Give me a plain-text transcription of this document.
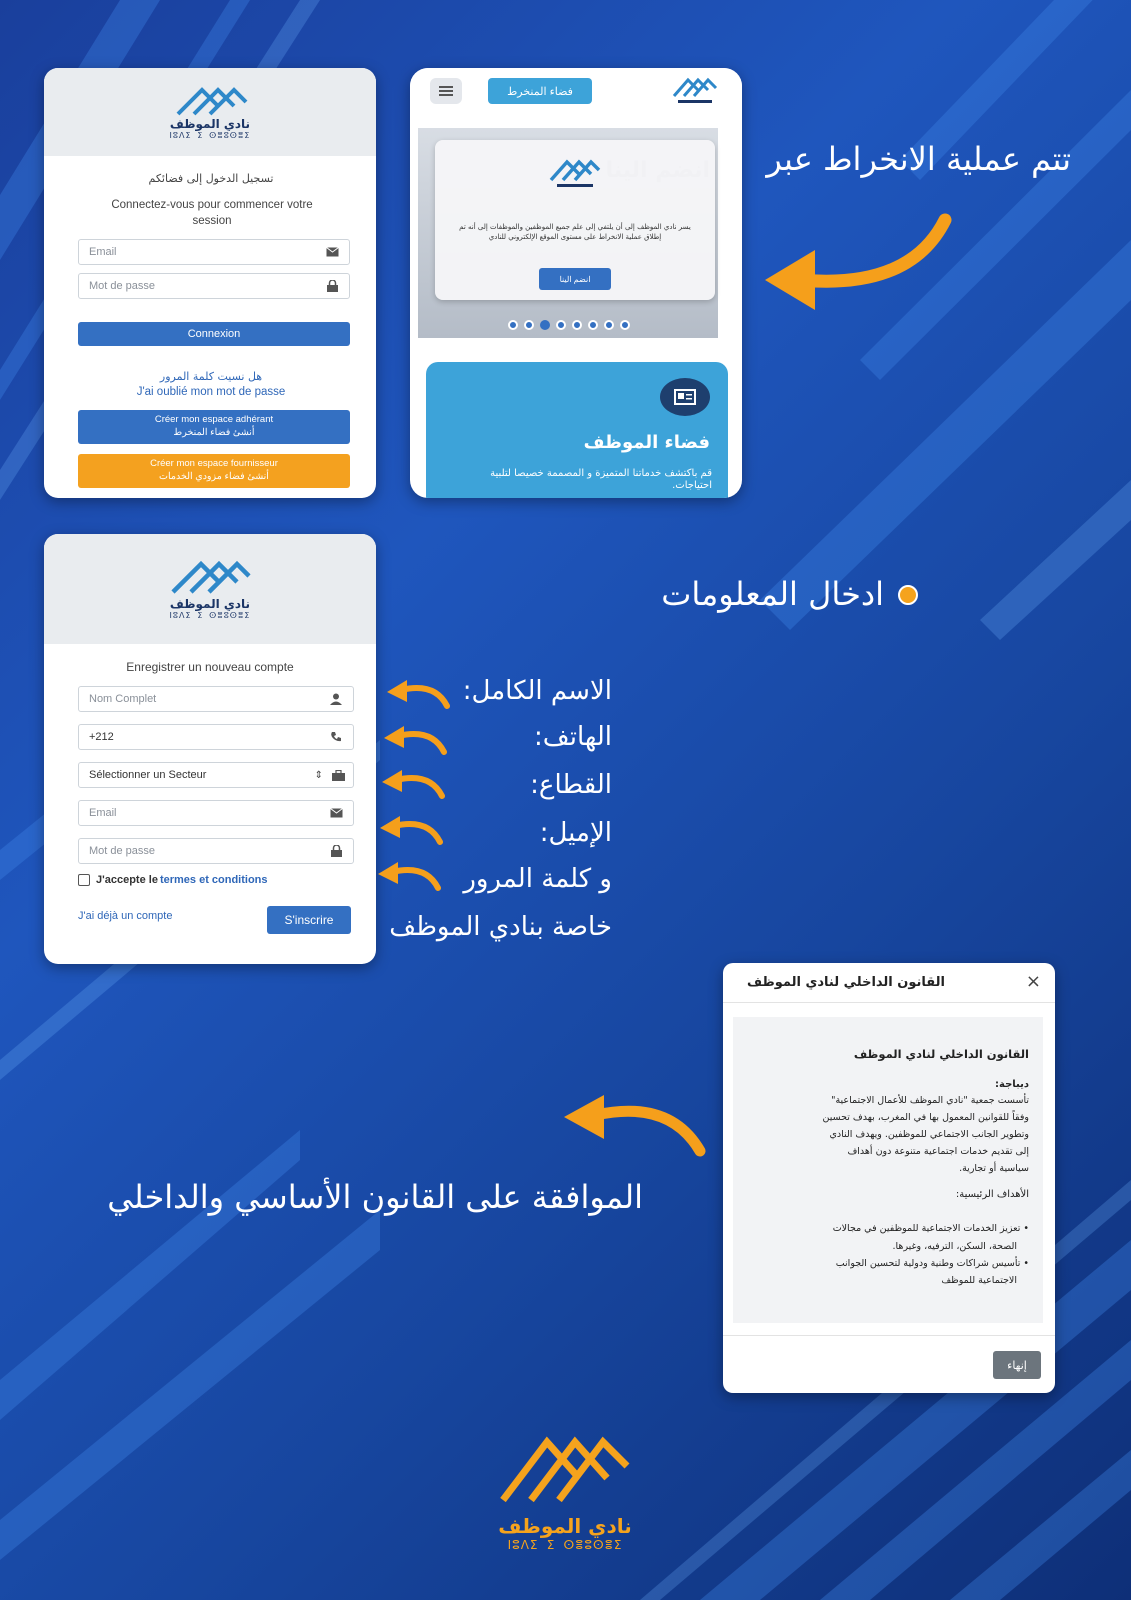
تتم عملية الانخراط عبر
نادي الموظف
ⵏⵓⴷⵉ ⵉ ⵙⴻⵓⵙⴻⵉ
تسجيل الدخول إلى فضائكم
Connectez-vous pour commencer votre session
Email
Mot de passe
Connexion
هل نسيت كلمة المرور
J'ai oublié mon mot de passe
Créer mon espace adhérant
أنشئ فضاء المنخرط
Créer mon espace fournisseur
أنشئ فضاء مزودي الخدمات
فضاء المنخرط
يسر نادي الموظف إلى أن يلتفي إلى علم جميع الموظفين والموظفات إلى أنه تم إطلاق عملية الانخراط على مستوى الموقع الإلكتروني للنادي
انضم الينا
فضاء الموظف
قم باكتشف خدماتنا المتميزة و المصممة خصيصا لتلبية احتياجات.
ادخال المعلومات
نادي الموظف
ⵏⵓⴷⵉ ⵉ ⵙⴻⵓⵙⴻⵉ
Enregistrer un nouveau compte
Nom Complet
+212
Sélectionner un Secteur	⇕
Email
Mot de passe
J'accepte le termes et conditions
J'ai déjà un compte	S'inscrire
الاسم الكامل:
الهاتف:
القطاع:
الإميل:
و كلمة المرور
خاصة بنادي الموظف
الموافقة على القانون الأساسي والداخلي
القانون الداخلي لنادي الموظف	×
القانون الداخلي لنادي الموظف
ديباجة:
تأسست جمعية "نادي الموظف للأعمال الاجتماعية"
وفقاً للقوانين المعمول بها في المغرب، بهدف تحسين
وتطوير الجانب الاجتماعي للموظفين. ويهدف النادي
إلى تقديم خدمات اجتماعية متنوعة دون أهداف
سياسية أو تجارية.
الأهداف الرئيسية:
• تعزيز الخدمات الاجتماعية للموظفين في مجالات
الصحة، السكن، الترفيه، وغيرها.
• تأسيس شراكات وطنية ودولية لتحسين الجوانب
الاجتماعية للموظف
إنهاء
نادي الموظف
ⵏⵓⴷⵉ ⵉ ⵙⴻⵓⵙⴻⵉ
